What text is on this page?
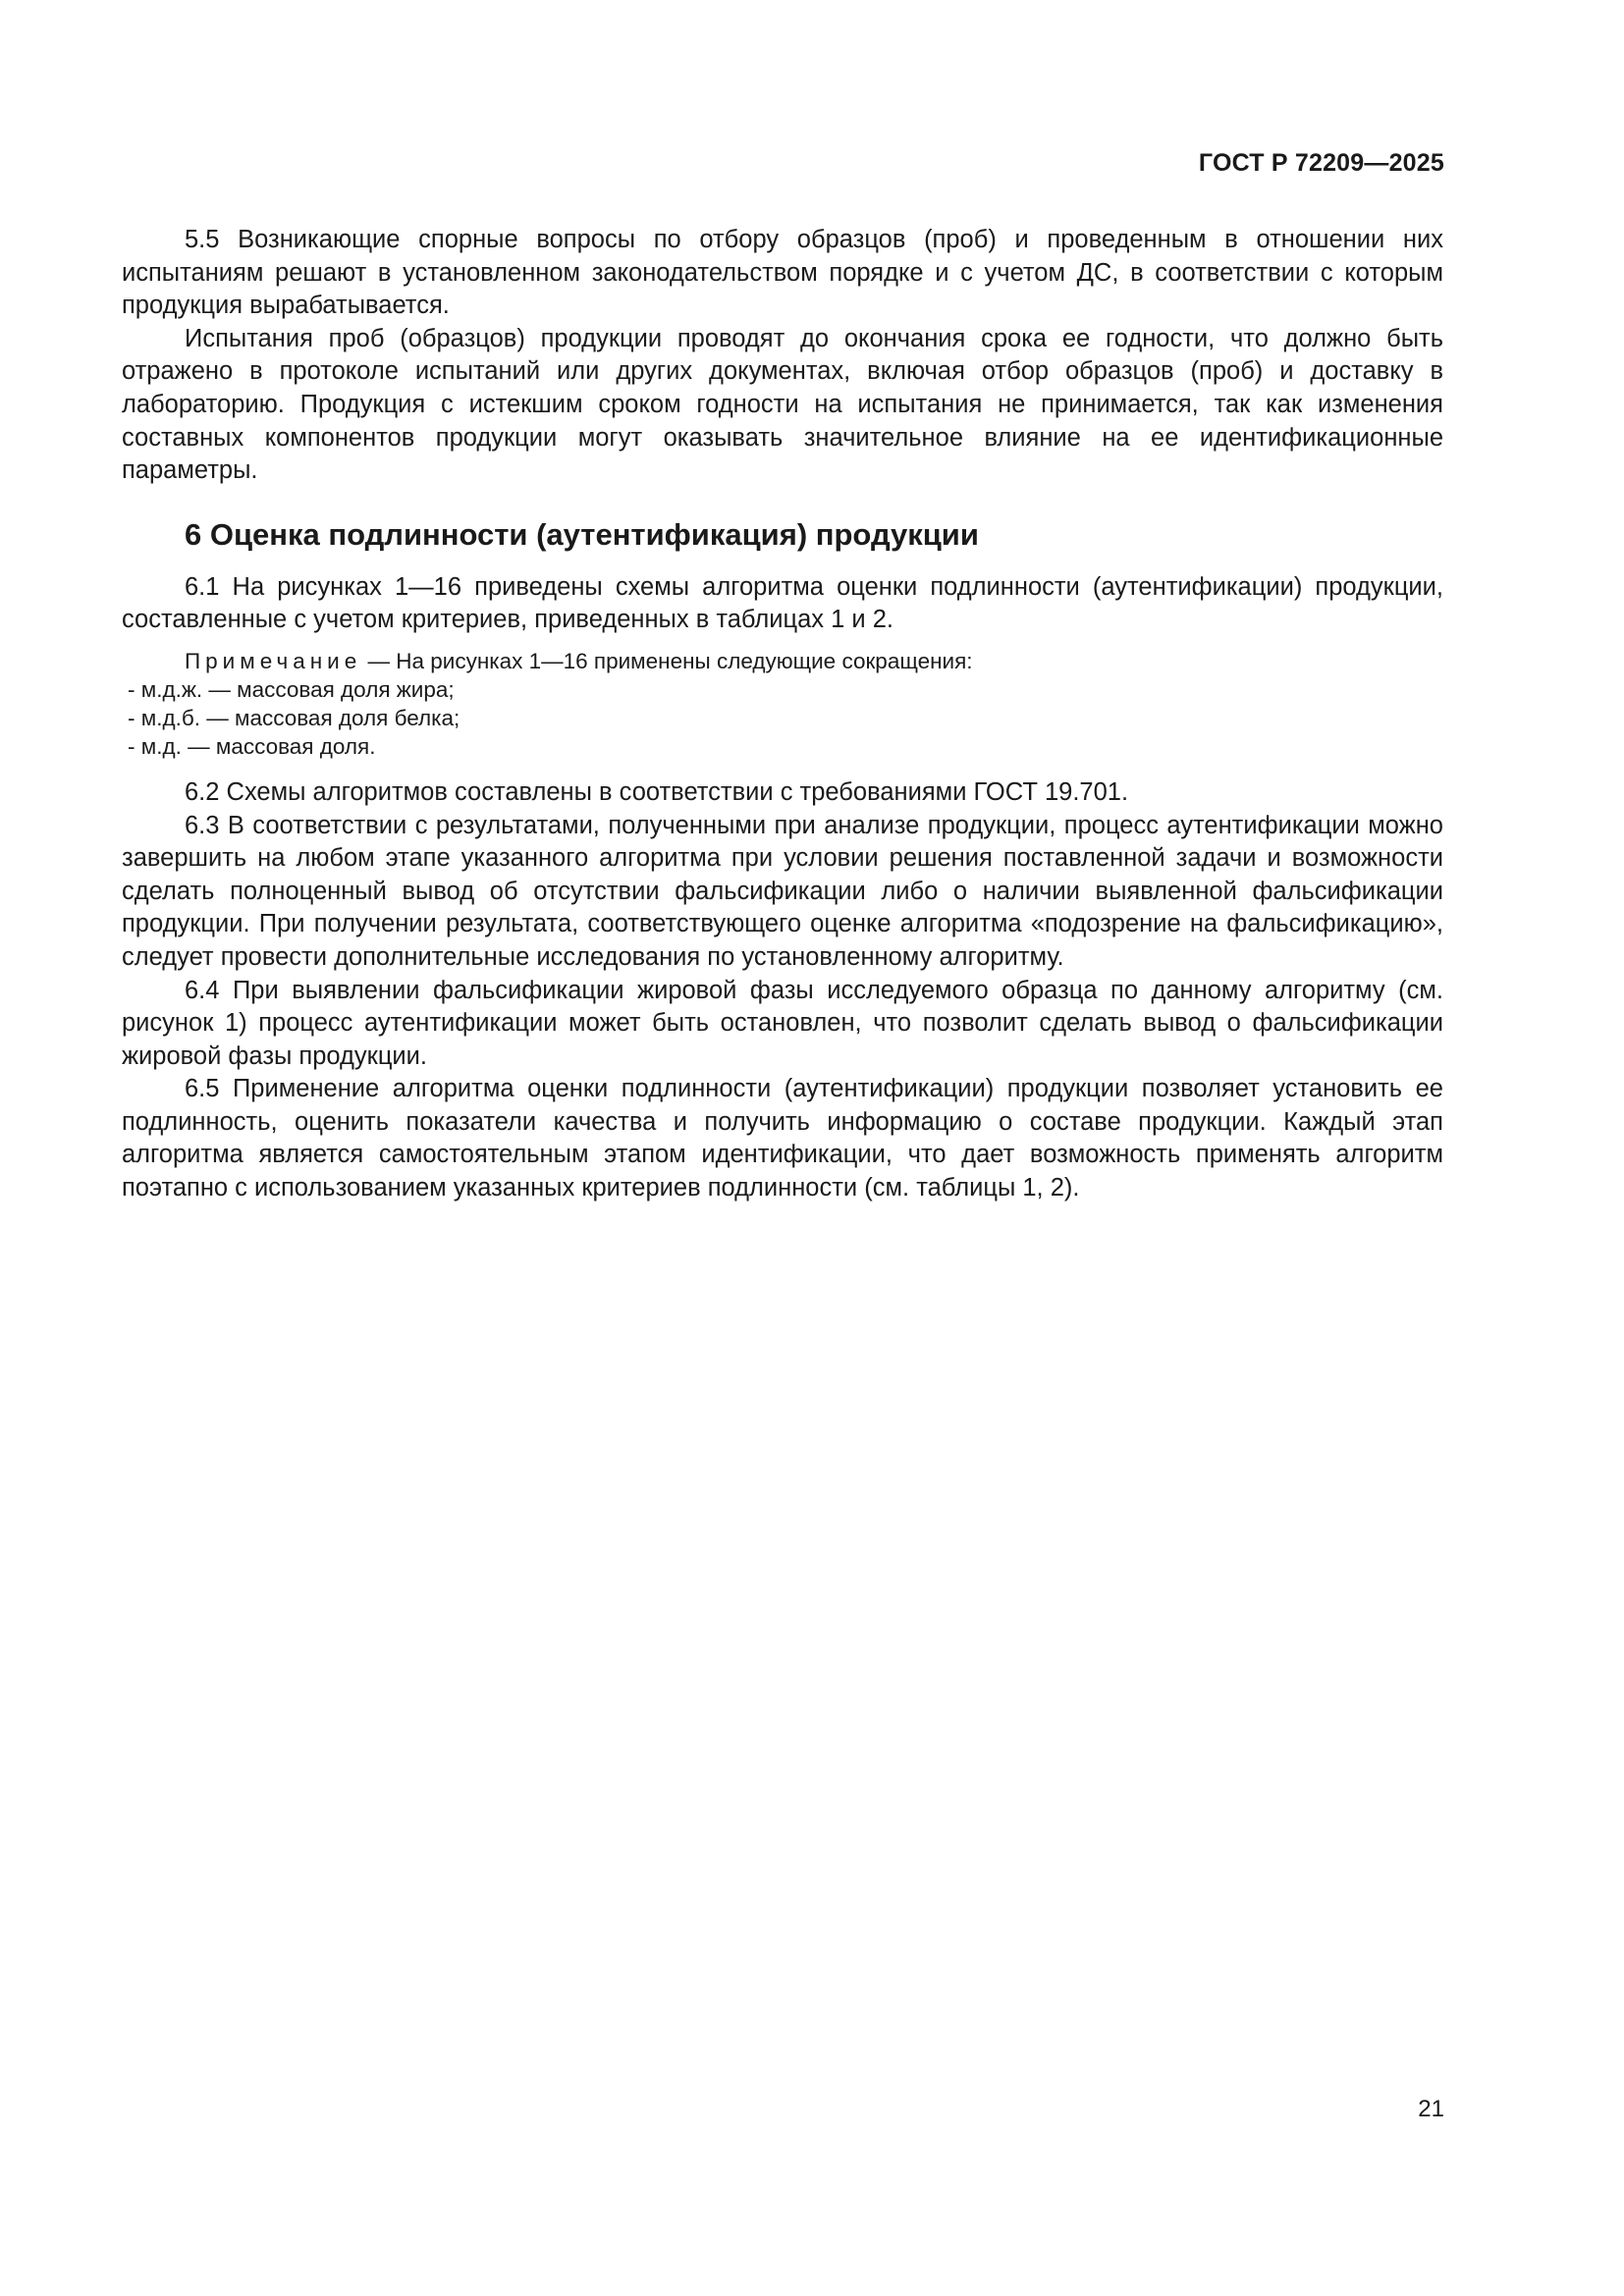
ГОСТ Р 72209—2025

5.5 Возникающие спорные вопросы по отбору образцов (проб) и проведенным в отношении них испытаниям решают в установленном законодательством порядке и с учетом ДС, в соответствии с которым продукция вырабатывается.

Испытания проб (образцов) продукции проводят до окончания срока ее годности, что должно быть отражено в протоколе испытаний или других документах, включая отбор образцов (проб) и доставку в лабораторию. Продукция с истекшим сроком годности на испытания не принимается, так как изменения составных компонентов продукции могут оказывать значительное влияние на ее идентификационные параметры.

6 Оценка подлинности (аутентификация) продукции

6.1 На рисунках 1—16 приведены схемы алгоритма оценки подлинности (аутентификации) продукции, составленные с учетом критериев, приведенных в таблицах 1 и 2.

Примечание — На рисунках 1—16 применены следующие сокращения:
- м.д.ж. — массовая доля жира;
- м.д.б. — массовая доля белка;
- м.д. — массовая доля.

6.2 Схемы алгоритмов составлены в соответствии с требованиями ГОСТ 19.701.

6.3 В соответствии с результатами, полученными при анализе продукции, процесс аутентификации можно завершить на любом этапе указанного алгоритма при условии решения поставленной задачи и возможности сделать полноценный вывод об отсутствии фальсификации либо о наличии выявленной фальсификации продукции. При получении результата, соответствующего оценке алгоритма «подозрение на фальсификацию», следует провести дополнительные исследования по установленному алгоритму.

6.4 При выявлении фальсификации жировой фазы исследуемого образца по данному алгоритму (см. рисунок 1) процесс аутентификации может быть остановлен, что позволит сделать вывод о фальсификации жировой фазы продукции.

6.5 Применение алгоритма оценки подлинности (аутентификации) продукции позволяет установить ее подлинность, оценить показатели качества и получить информацию о составе продукции. Каждый этап алгоритма является самостоятельным этапом идентификации, что дает возможность применять алгоритм поэтапно с использованием указанных критериев подлинности (см. таблицы 1, 2).

21
